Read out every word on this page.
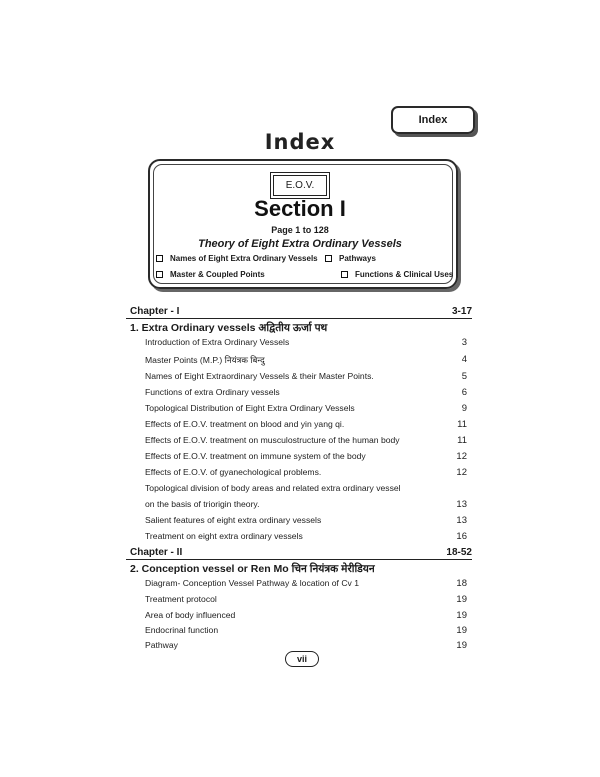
Index
Index
E.O.V.
Section I
Page 1 to 128
Theory of Eight Extra Ordinary Vessels
Names of Eight Extra Ordinary Vessels	Pathways
Master & Coupled Points	Functions & Clinical Uses
Chapter - I	3-17
1. Extra Ordinary vessels अद्वितीय ऊर्जा पथ
Introduction of Extra Ordinary Vessels	3
Master Points (M.P.) नियंत्रक बिन्दु	4
Names of Eight Extraordinary Vessels & their Master Points.	5
Functions of extra Ordinary vessels	6
Topological Distribution of Eight Extra Ordinary Vessels	9
Effects of E.O.V. treatment on blood and yin yang qi.	11
Effects of E.O.V. treatment on musculostructure of the human body	11
Effects of E.O.V. treatment on immune system of the body	12
Effects of E.O.V. of gyanechological problems.	12
Topological division of body areas and related extra ordinary vessel
on the basis of triorigin theory.	13
Salient features of eight extra ordinary vessels	13
Treatment on eight extra ordinary vessels	16
Chapter - II	18-52
2. Conception vessel or Ren Mo चिन नियंत्रक मेरीडियन
Diagram- Conception Vessel Pathway & location of Cv 1	18
Treatment protocol	19
Area of body influenced	19
Endocrinal function	19
Pathway	19
vii
